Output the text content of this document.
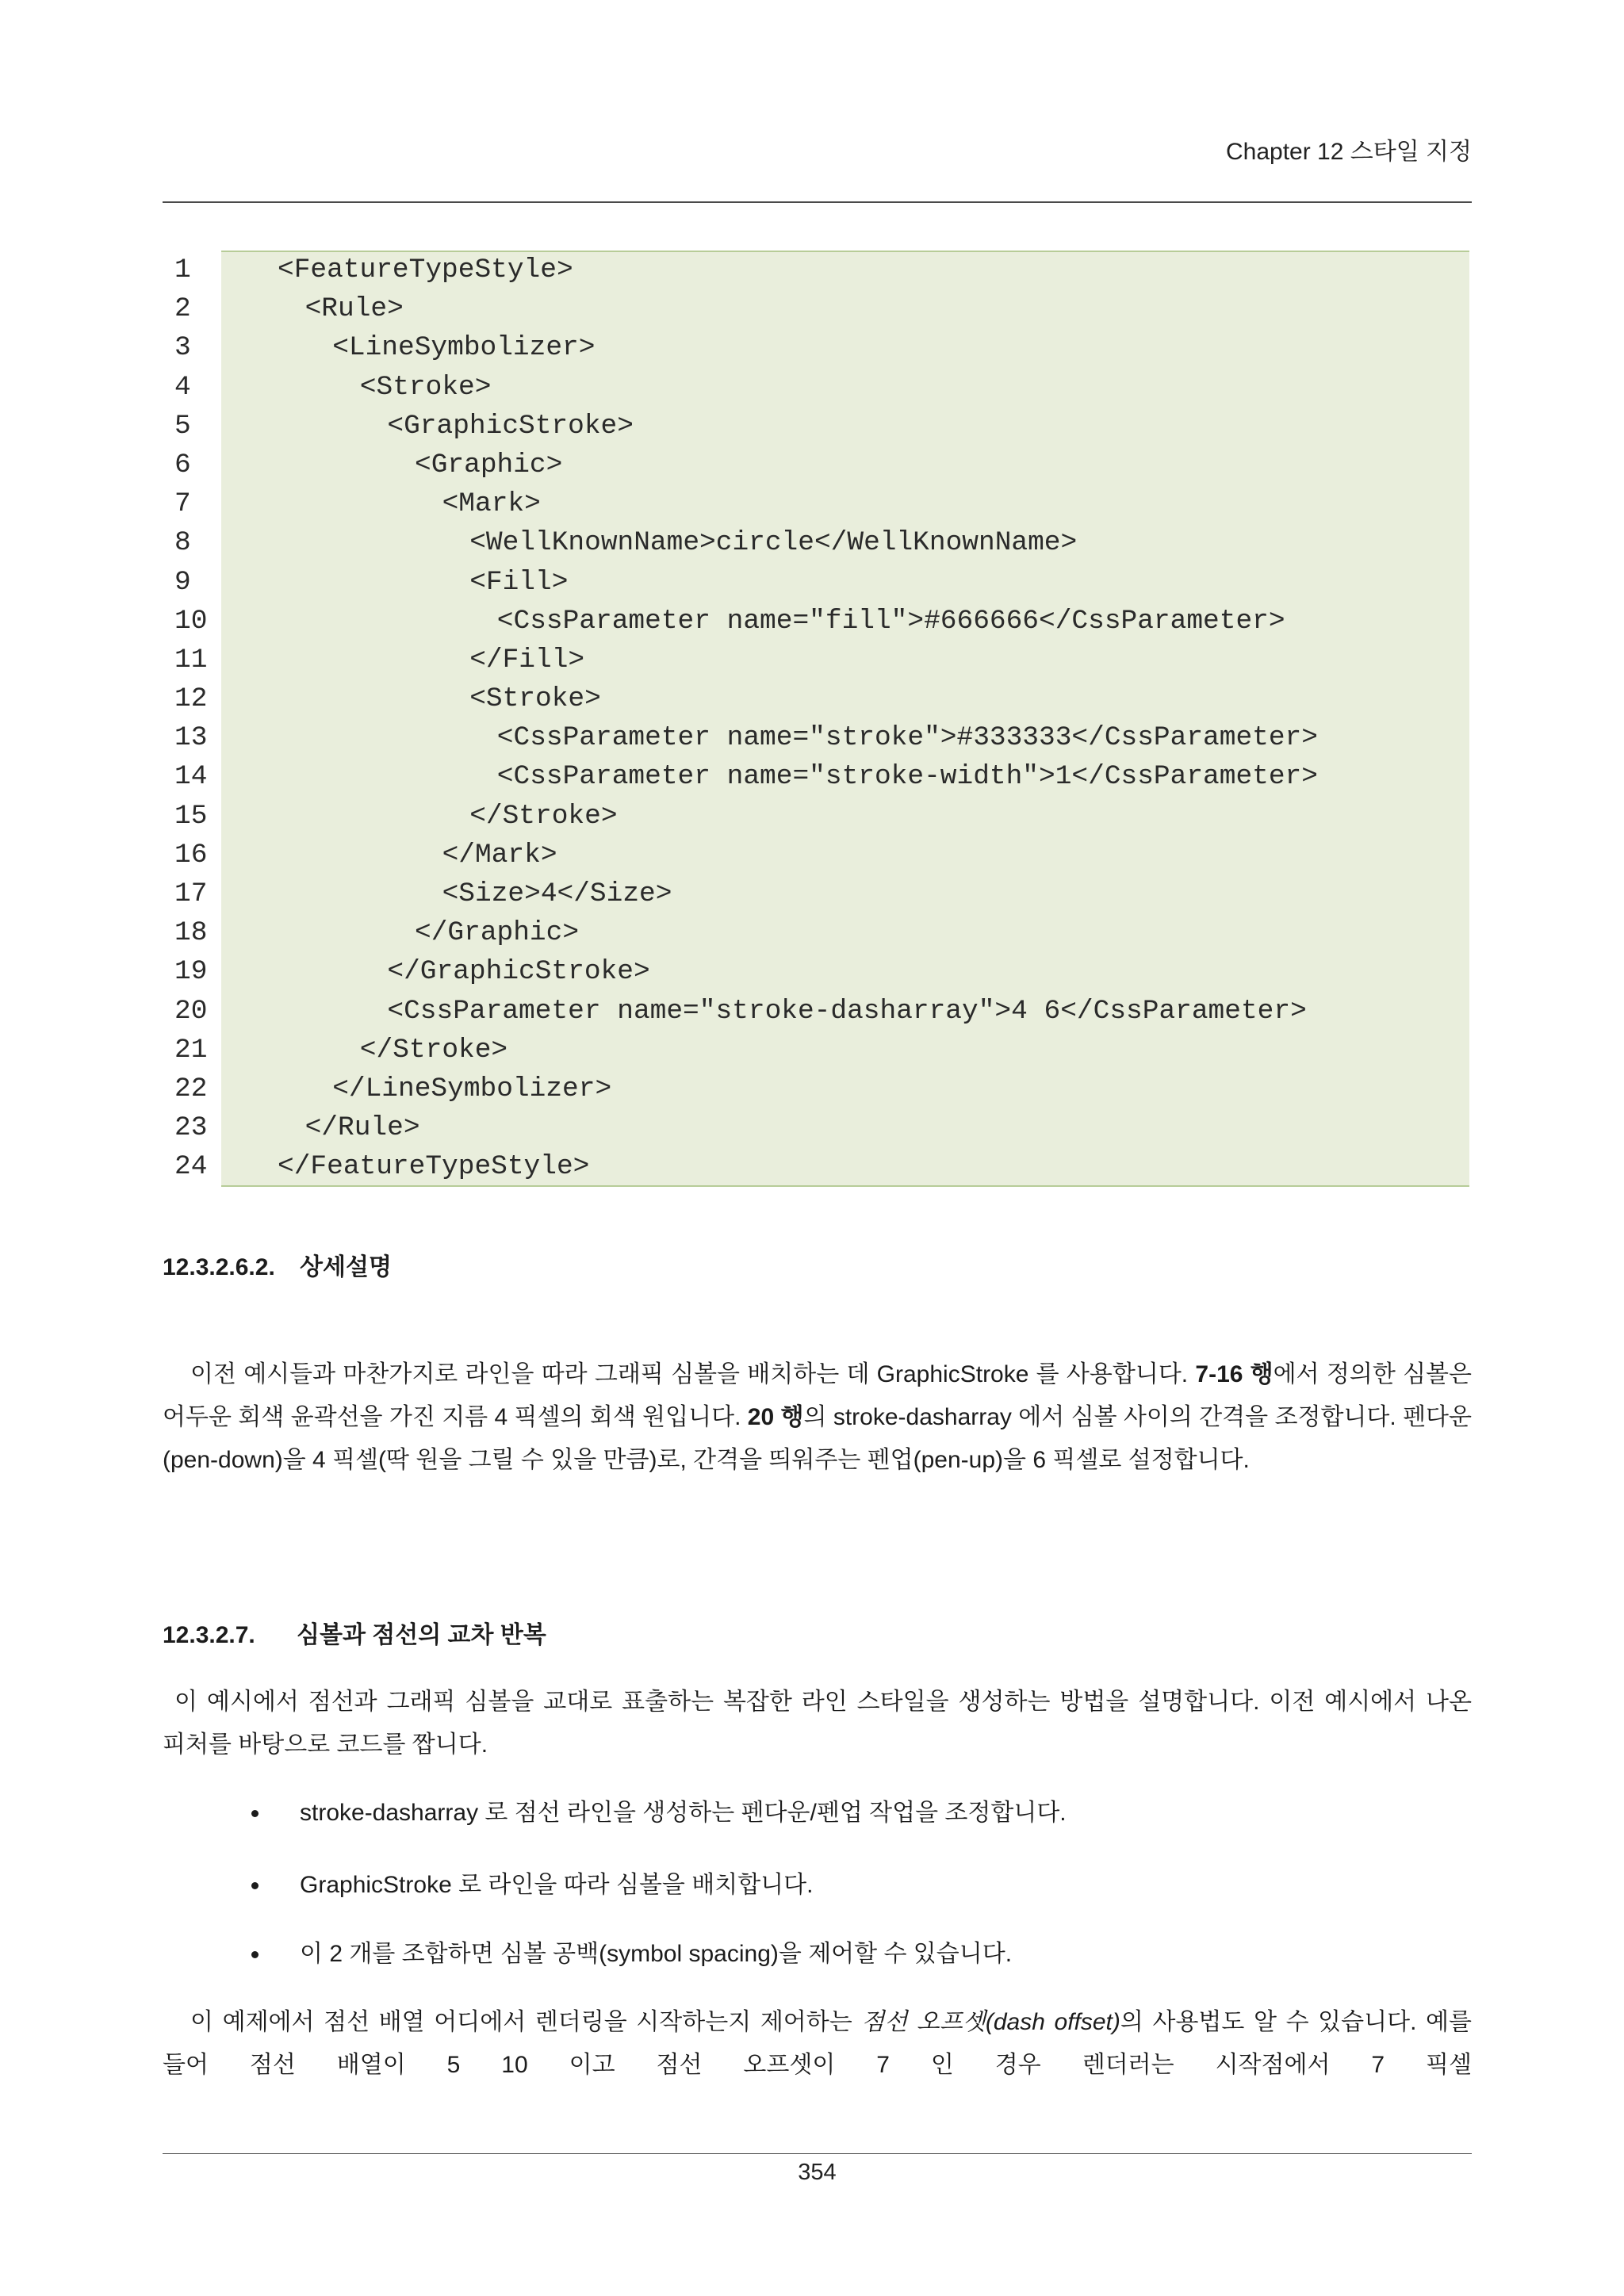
Chapter 12 스타일 지정
1	<FeatureTypeStyle>
2	<Rule>
3	<LineSymbolizer>
4	<Stroke>
5	<GraphicStroke>
6	<Graphic>
7	<Mark>
8	<WellKnownName>circle</WellKnownName>
9	<Fill>
10	<CssParameter name="fill">#666666</CssParameter>
11	</Fill>
12	<Stroke>
13	<CssParameter name="stroke">#333333</CssParameter>
14	<CssParameter name="stroke-width">1</CssParameter>
15	</Stroke>
16	</Mark>
17	<Size>4</Size>
18	</Graphic>
19	</GraphicStroke>
20	<CssParameter name="stroke-dasharray">4 6</CssParameter>
21	</Stroke>
22	</LineSymbolizer>
23	</Rule>
24	</FeatureTypeStyle>
12.3.2.6.2. 상세설명

이전 예시들과 마찬가지로 라인을 따라 그래픽 심볼을 배치하는 데 GraphicStroke 를 사용합니다. 7-16 행에서 정의한 심볼은 어두운 회색 윤곽선을 가진 지름 4 픽셀의 회색 원입니다. 20 행의 stroke-dasharray 에서 심볼 사이의 간격을 조정합니다. 펜다운(pen-down)을 4 픽셀(딱 원을 그릴 수 있을 만큼)로, 간격을 띄워주는 펜업(pen-up)을 6 픽셀로 설정합니다.

12.3.2.7. 심볼과 점선의 교차 반복

이 예시에서 점선과 그래픽 심볼을 교대로 표출하는 복잡한 라인 스타일을 생성하는 방법을 설명합니다. 이전 예시에서 나온 피처를 바탕으로 코드를 짭니다.

stroke-dasharray 로 점선 라인을 생성하는 펜다운/펜업 작업을 조정합니다.
GraphicStroke 로 라인을 따라 심볼을 배치합니다.
이 2 개를 조합하면 심볼 공백(symbol spacing)을 제어할 수 있습니다.

이 예제에서 점선 배열 어디에서 렌더링을 시작하는지 제어하는 점선 오프셋(dash offset)의 사용법도 알 수 있습니다. 예를 들어 점선 배열이 5 10 이고 점선 오프셋이 7 인 경우 렌더러는 시작점에서 7 픽셀

354
